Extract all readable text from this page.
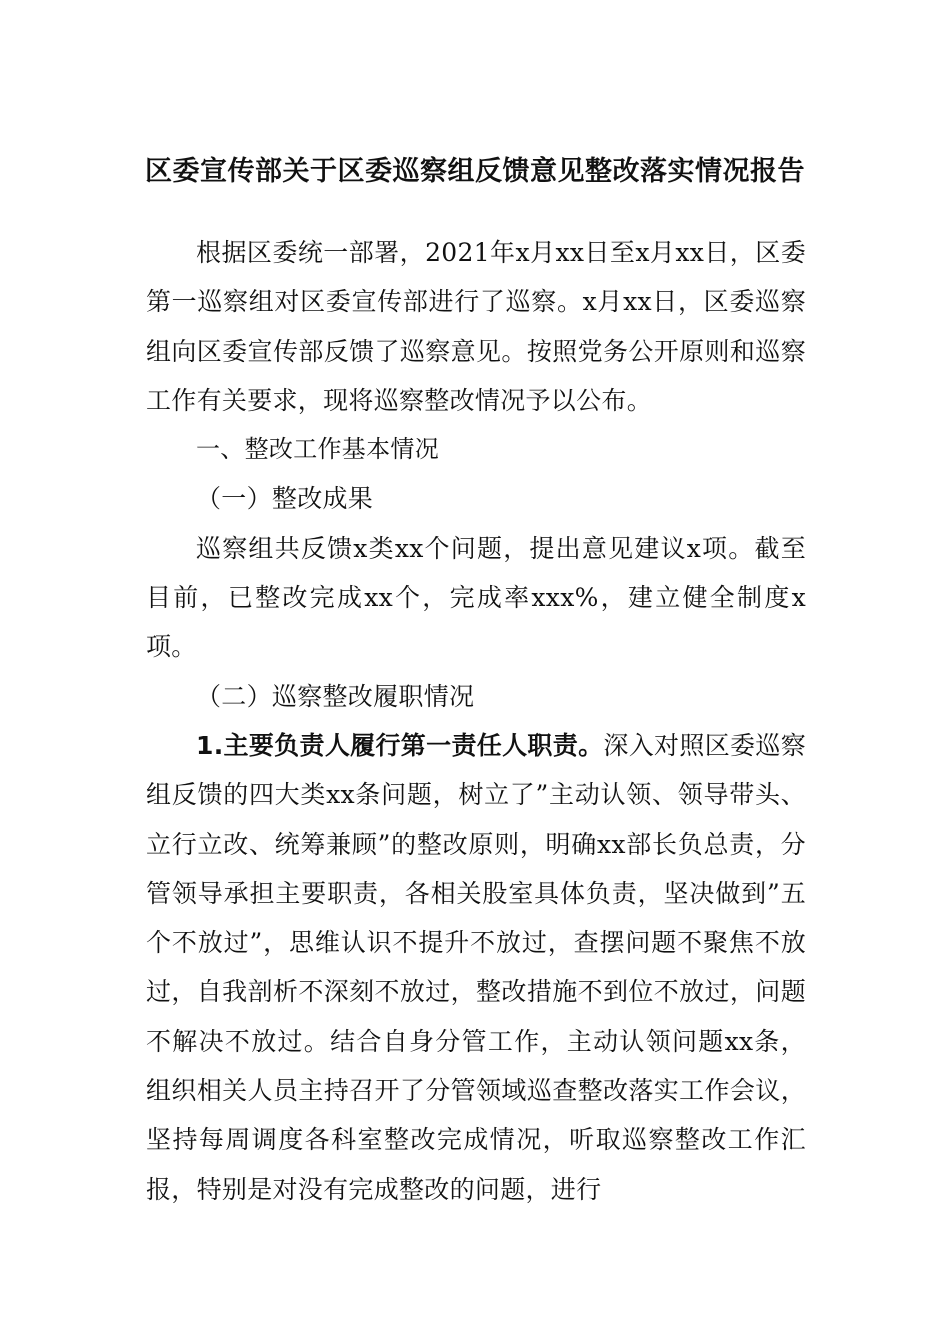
区委宣传部关于区委巡察组反馈意见整改落实情况报告

根据区委统一部署，2021年x月xx日至x月xx日，区委第一巡察组对区委宣传部进行了巡察。x月xx日，区委巡察组向区委宣传部反馈了巡察意见。按照党务公开原则和巡察工作有关要求，现将巡察整改情况予以公布。

一、整改工作基本情况

（一）整改成果

巡察组共反馈x类xx个问题，提出意见建议x项。截至目前，已整改完成xx个，完成率xxx%，建立健全制度x项。

（二）巡察整改履职情况

1.主要负责人履行第一责任人职责。深入对照区委巡察组反馈的四大类xx条问题，树立了”主动认领、领导带头、立行立改、统筹兼顾”的整改原则，明确xx部长负总责，分管领导承担主要职责，各相关股室具体负责，坚决做到”五个不放过”，思维认识不提升不放过，查摆问题不聚焦不放过，自我剖析不深刻不放过，整改措施不到位不放过，问题不解决不放过。结合自身分管工作，主动认领问题xx条，组织相关人员主持召开了分管领域巡查整改落实工作会议，坚持每周调度各科室整改完成情况，听取巡察整改工作汇报，特别是对没有完成整改的问题，进行
